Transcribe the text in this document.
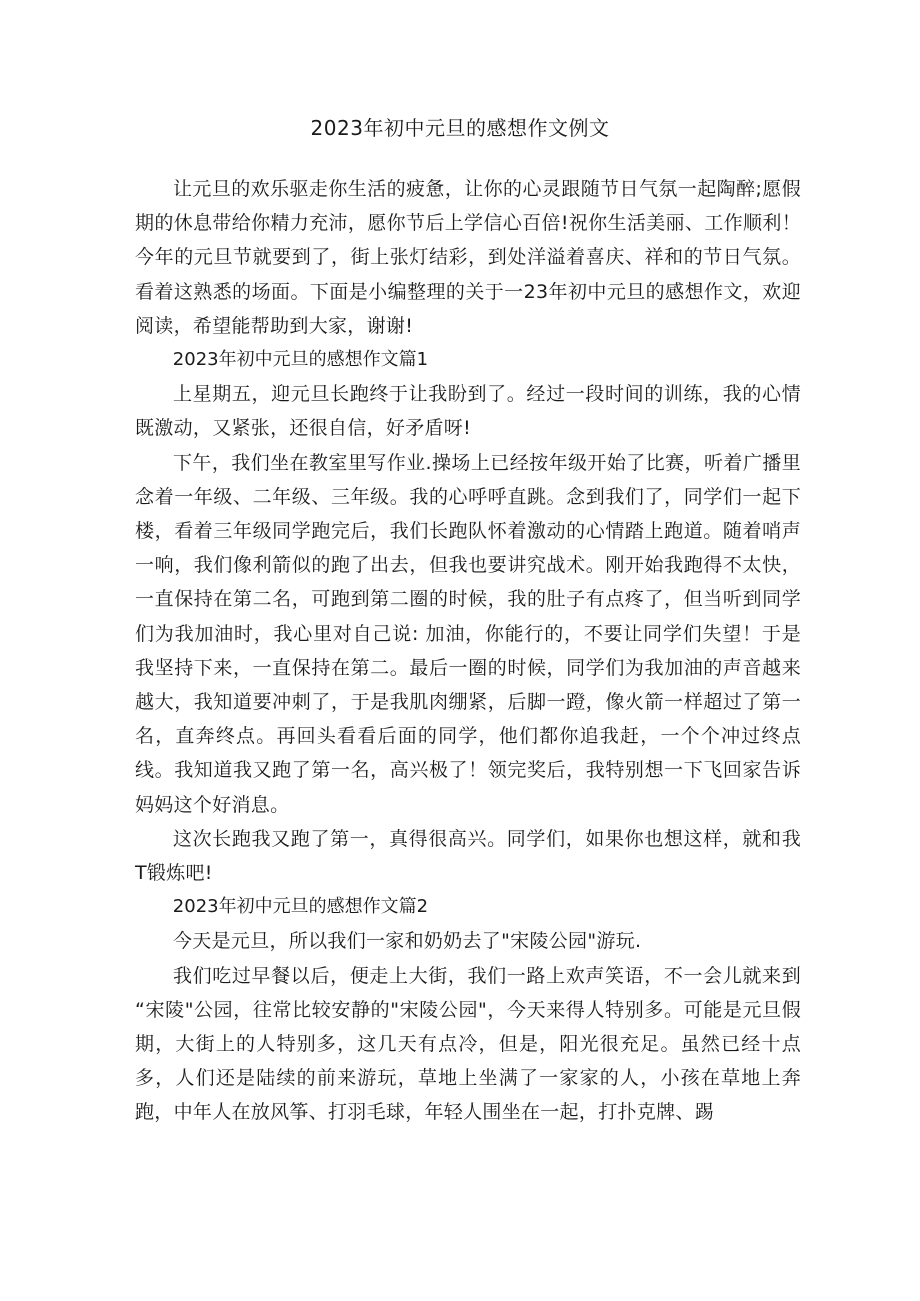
2023年初中元旦的感想作文例文

让元旦的欢乐驱走你生活的疲惫，让你的心灵跟随节日气氛一起陶醉;愿假期的休息带给你精力充沛，愿你节后上学信心百倍!祝你生活美丽、工作顺利！今年的元旦节就要到了，街上张灯结彩，到处洋溢着喜庆、祥和的节日气氛。看着这熟悉的场面。下面是小编整理的关于一23年初中元旦的感想作文，欢迎阅读，希望能帮助到大家，谢谢!

2023年初中元旦的感想作文篇1

上星期五，迎元旦长跑终于让我盼到了。经过一段时间的训练，我的心情既激动，又紧张，还很自信，好矛盾呀!

下午，我们坐在教室里写作业.操场上已经按年级开始了比赛，听着广播里念着一年级、二年级、三年级。我的心呼呼直跳。念到我们了，同学们一起下楼，看着三年级同学跑完后，我们长跑队怀着激动的心情踏上跑道。随着哨声一响，我们像利箭似的跑了出去，但我也要讲究战术。刚开始我跑得不太快，一直保持在第二名，可跑到第二圈的时候，我的肚子有点疼了，但当听到同学们为我加油时，我心里对自己说: 加油，你能行的，不要让同学们失望！于是我坚持下来，一直保持在第二。最后一圈的时候，同学们为我加油的声音越来越大，我知道要冲刺了，于是我肌肉绷紧，后脚一蹬，像火箭一样超过了第一名，直奔终点。再回头看看后面的同学，他们都你追我赶，一个个冲过终点线。我知道我又跑了第一名，高兴极了！领完奖后，我特别想一下飞回家告诉妈妈这个好消息。

这次长跑我又跑了第一，真得很高兴。同学们，如果你也想这样，就和我T锻炼吧!

2023年初中元旦的感想作文篇2

今天是元旦，所以我们一家和奶奶去了"宋陵公园"游玩.

我们吃过早餐以后，便走上大街，我们一路上欢声笑语，不一会儿就来到 “宋陵"公园，往常比较安静的"宋陵公园"，今天来得人特别多。可能是元旦假期，大街上的人特别多，这几天有点冷，但是，阳光很充足。虽然已经十点多，人们还是陆续的前来游玩，草地上坐满了一家家的人，小孩在草地上奔跑，中年人在放风筝、打羽毛球，年轻人围坐在一起，打扑克牌、踢
